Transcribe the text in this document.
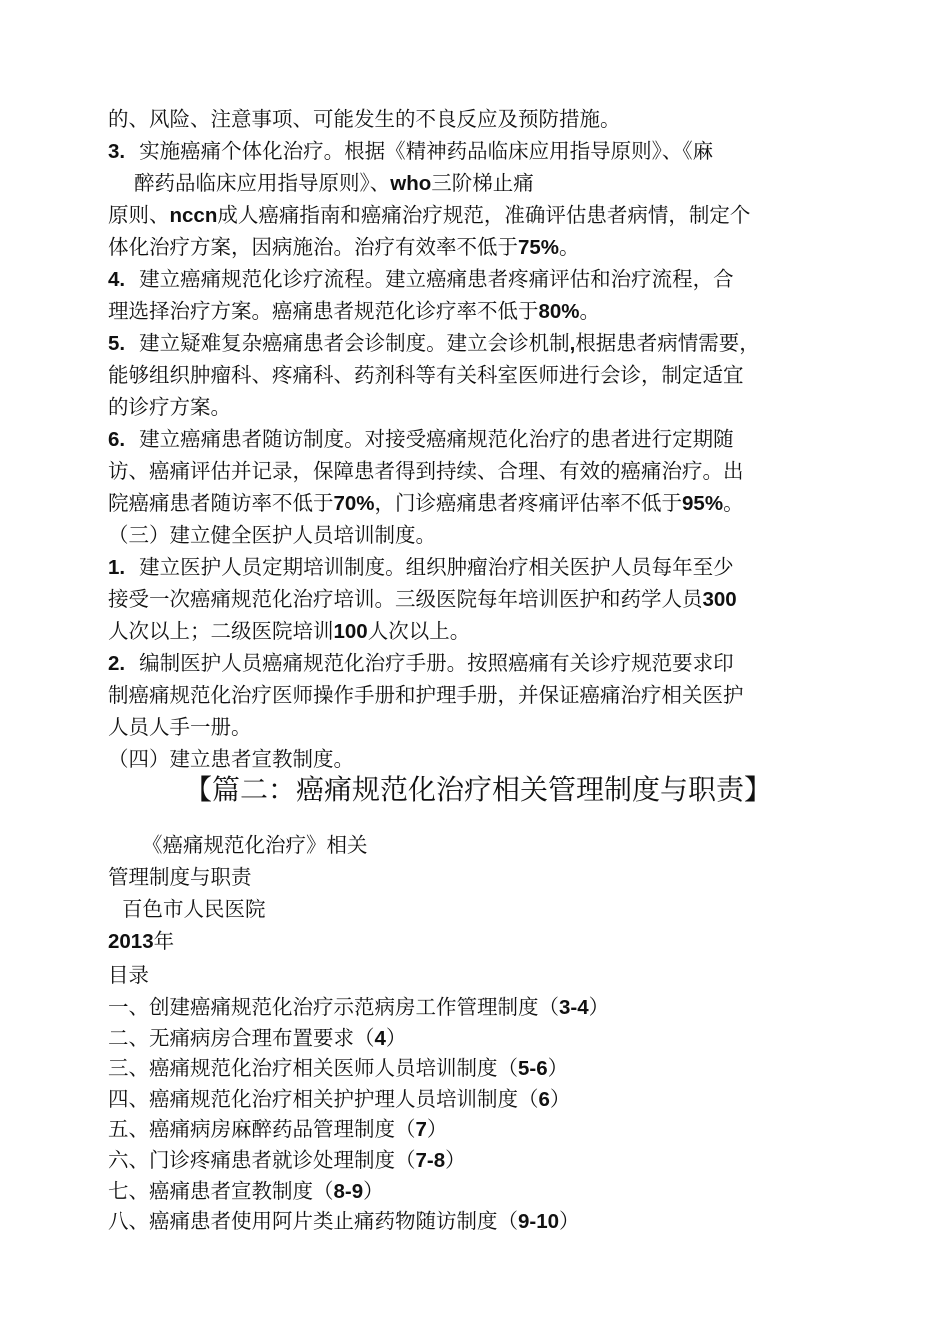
的、风险、注意事项、可能发生的不良反应及预防措施。
3. 实施癌痛个体化治疗。根据《精神药品临床应用指导原则》、《麻
醉药品临床应用指导原则》、who三阶梯止痛
原则、nccn成人癌痛指南和癌痛治疗规范，准确评估患者病情，制定个
体化治疗方案，因病施治。治疗有效率不低于75%。
4. 建立癌痛规范化诊疗流程。建立癌痛患者疼痛评估和治疗流程，合
理选择治疗方案。癌痛患者规范化诊疗率不低于80%。
5. 建立疑难复杂癌痛患者会诊制度。建立会诊机制,根据患者病情需要，
能够组织肿瘤科、疼痛科、药剂科等有关科室医师进行会诊，制定适宜
的诊疗方案。
6. 建立癌痛患者随访制度。对接受癌痛规范化治疗的患者进行定期随
访、癌痛评估并记录，保障患者得到持续、合理、有效的癌痛治疗。出
院癌痛患者随访率不低于70%，门诊癌痛患者疼痛评估率不低于95%。
（三）建立健全医护人员培训制度。
1. 建立医护人员定期培训制度。组织肿瘤治疗相关医护人员每年至少
接受一次癌痛规范化治疗培训。三级医院每年培训医护和药学人员300
人次以上；二级医院培训100人次以上。
2. 编制医护人员癌痛规范化治疗手册。按照癌痛有关诊疗规范要求印
制癌痛规范化治疗医师操作手册和护理手册，并保证癌痛治疗相关医护
人员人手一册。
（四）建立患者宣教制度。
【篇二：癌痛规范化治疗相关管理制度与职责】
《癌痛规范化治疗》相关
管理制度与职责
百色市人民医院
2013年
目录
一、创建癌痛规范化治疗示范病房工作管理制度（3-4）
二、无痛病房合理布置要求（4）
三、癌痛规范化治疗相关医师人员培训制度（5-6）
四、癌痛规范化治疗相关护护理人员培训制度（6）
五、癌痛病房麻醉药品管理制度（7）
六、门诊疼痛患者就诊处理制度（7-8）
七、癌痛患者宣教制度（8-9）
八、癌痛患者使用阿片类止痛药物随访制度（9-10）
